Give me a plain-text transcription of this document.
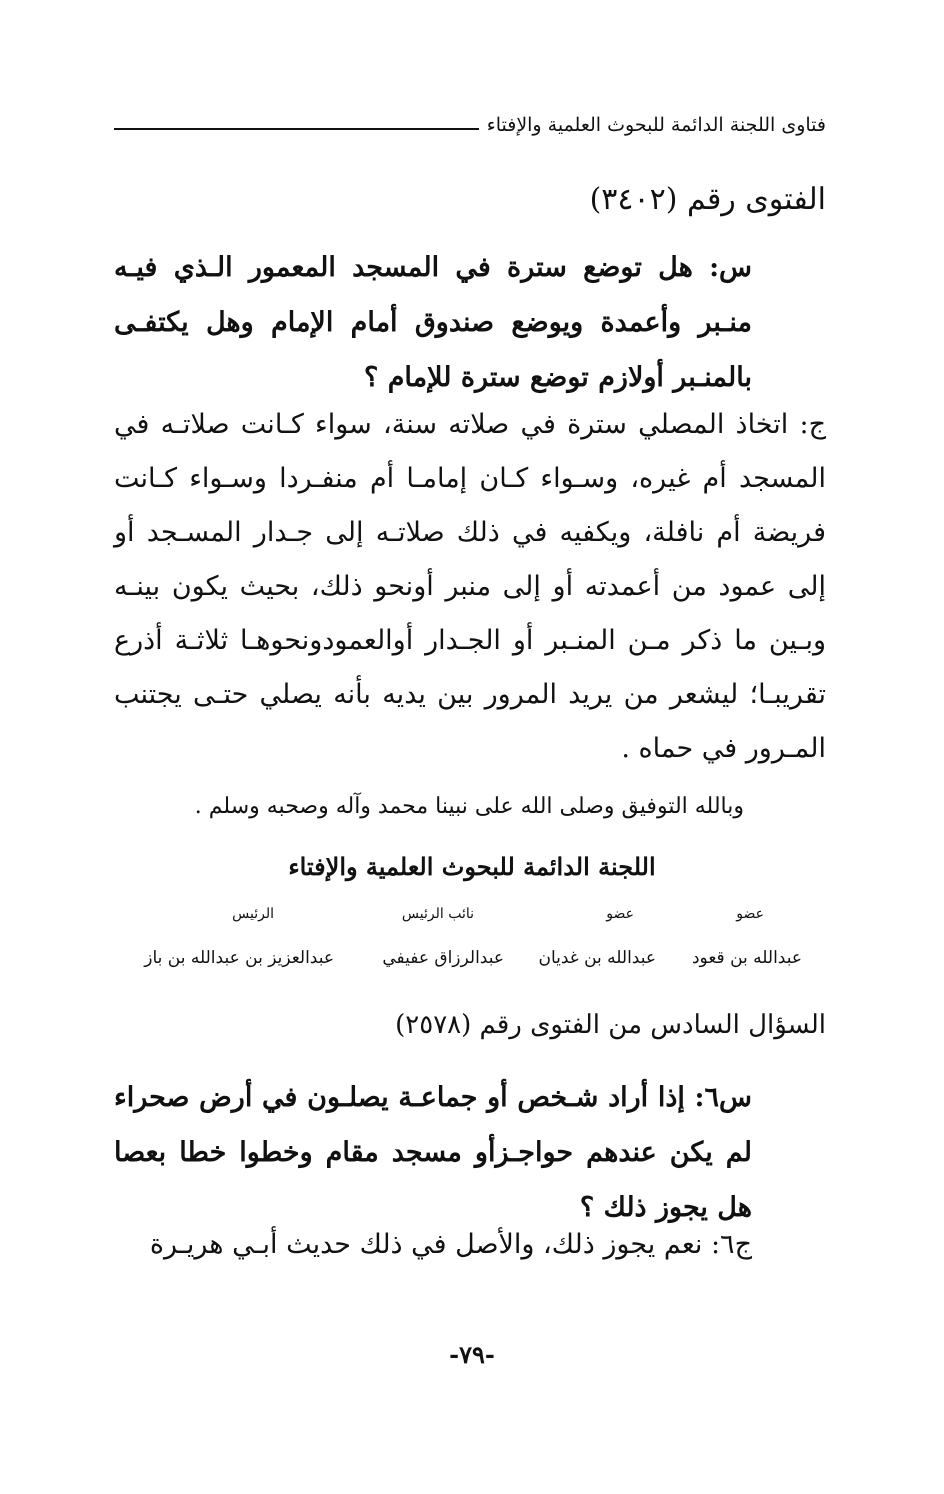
فتاوى اللجنة الدائمة للبحوث العلمية والإفتاء
الفتوى رقم (٣٤٠٢)
س: هل توضع سترة في المسجد المعمور الـذي فيـه منـبر وأعمدة ويوضع صندوق أمام الإمام وهل يكتفـى بالمنـبر أولازم توضع سترة للإمام ؟
ج: اتخاذ المصلي سترة في صلاته سنة، سواء كـانت صلاتـه في المسجد أم غيره، وسـواء كـان إمامـا أم منفـردا وسـواء كـانت فريضة أم نافلة، ويكفيه في ذلك صلاتـه إلى جـدار المسـجد أو إلى عمود من أعمدته أو إلى منبر أونحو ذلك، بحيث يكون بينـه وبـين ما ذكر مـن المنـبر أو الجـدار أوالعمودونحوهـا ثلاثـة أذرع تقريبـا؛ ليشعر من يريد المرور بين يديه بأنه يصلي حتـى يجتنب المـرور في حماه .
وبالله التوفيق وصلى الله على نبينا محمد وآله وصحبه وسلم .
اللجنة الدائمة للبحوث العلمية والإفتاء
عضو
عضو
نائب الرئيس
الرئيس
عبدالله بن قعود
عبدالله بن غديان
عبدالرزاق عفيفي
عبدالعزيز بن عبدالله بن باز
السؤال السادس من الفتوى رقم (٢٥٧٨)
س٦: إذا أراد شـخص أو جماعـة يصلـون في أرض صحراء لم يكن عندهم حواجـزأو مسجد مقام وخطوا خطا بعصا هل يجوز ذلك ؟
ج٦: نعم يجوز ذلك، والأصل في ذلك حديث أبـي هريـرة
-٧٩-
